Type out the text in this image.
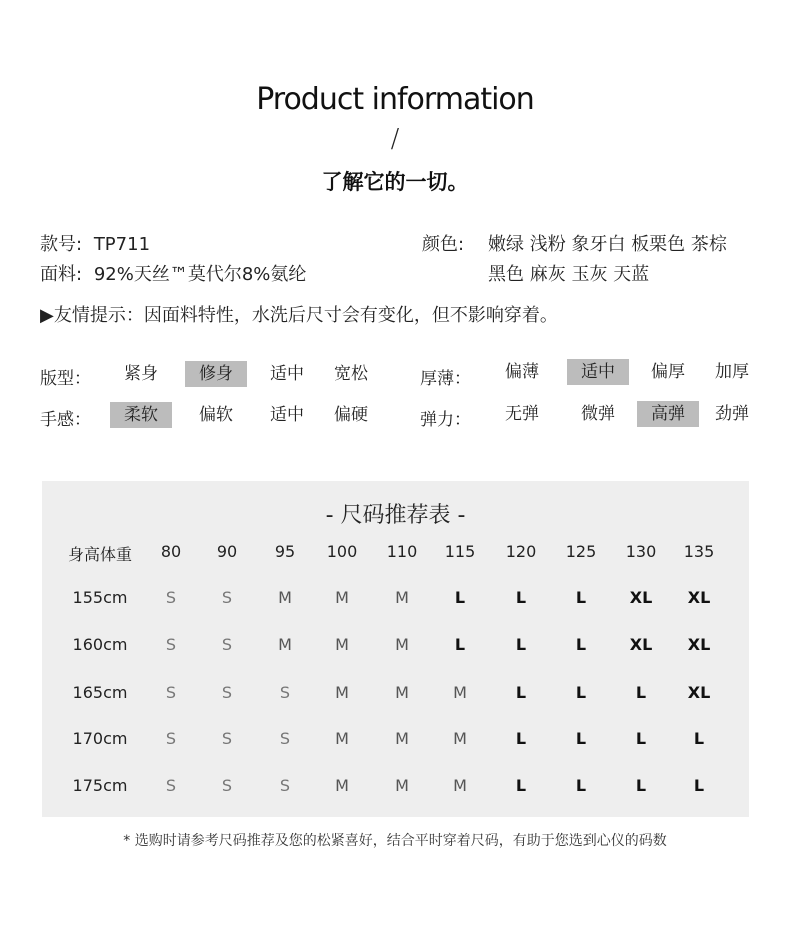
Product information
/
了解它的一切。
款号: TP711
面料: 92%天丝™莫代尔8%氨纶
颜色: 嫩绿 浅粉 象牙白 板栗色 茶棕
黑色 麻灰 玉灰 天蓝
▶友情提示：因面料特性，水洗后尺寸会有变化，但不影响穿着。
版型：	紧身	修身	适中	宽松	厚薄：	偏薄	适中	偏厚	加厚
手感：	柔软	偏软	适中	偏硬	弹力：	无弹	微弹	高弹	劲弹
- 尺码推荐表 -
身高体重	80	90	95	100	110	115	120	125	130	135
155cm	S	S	M	M	M	L	L	L	XL	XL
160cm	S	S	M	M	M	L	L	L	XL	XL
165cm	S	S	S	M	M	M	L	L	L	XL
170cm	S	S	S	M	M	M	L	L	L	L
175cm	S	S	S	M	M	M	L	L	L	L
* 选购时请参考尺码推荐及您的松紧喜好，结合平时穿着尺码，有助于您选到心仪的码数
